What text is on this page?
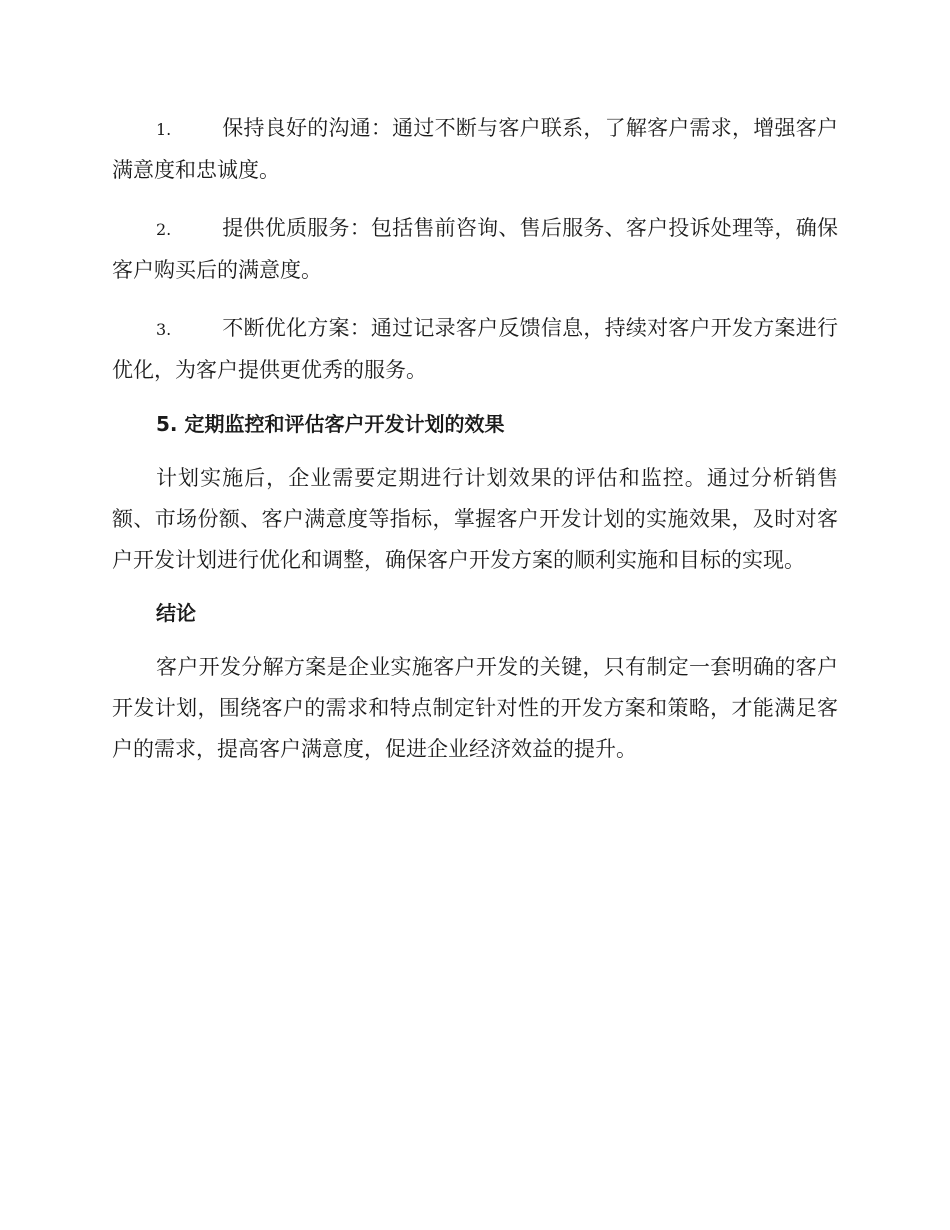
1. 保持良好的沟通：通过不断与客户联系，了解客户需求，增强客户满意度和忠诚度。

2. 提供优质服务：包括售前咨询、售后服务、客户投诉处理等，确保客户购买后的满意度。

3. 不断优化方案：通过记录客户反馈信息，持续对客户开发方案进行优化，为客户提供更优秀的服务。

5. 定期监控和评估客户开发计划的效果

计划实施后，企业需要定期进行计划效果的评估和监控。通过分析销售额、市场份额、客户满意度等指标，掌握客户开发计划的实施效果，及时对客户开发计划进行优化和调整，确保客户开发方案的顺利实施和目标的实现。

结论

客户开发分解方案是企业实施客户开发的关键，只有制定一套明确的客户开发计划，围绕客户的需求和特点制定针对性的开发方案和策略，才能满足客户的需求，提高客户满意度，促进企业经济效益的提升。
